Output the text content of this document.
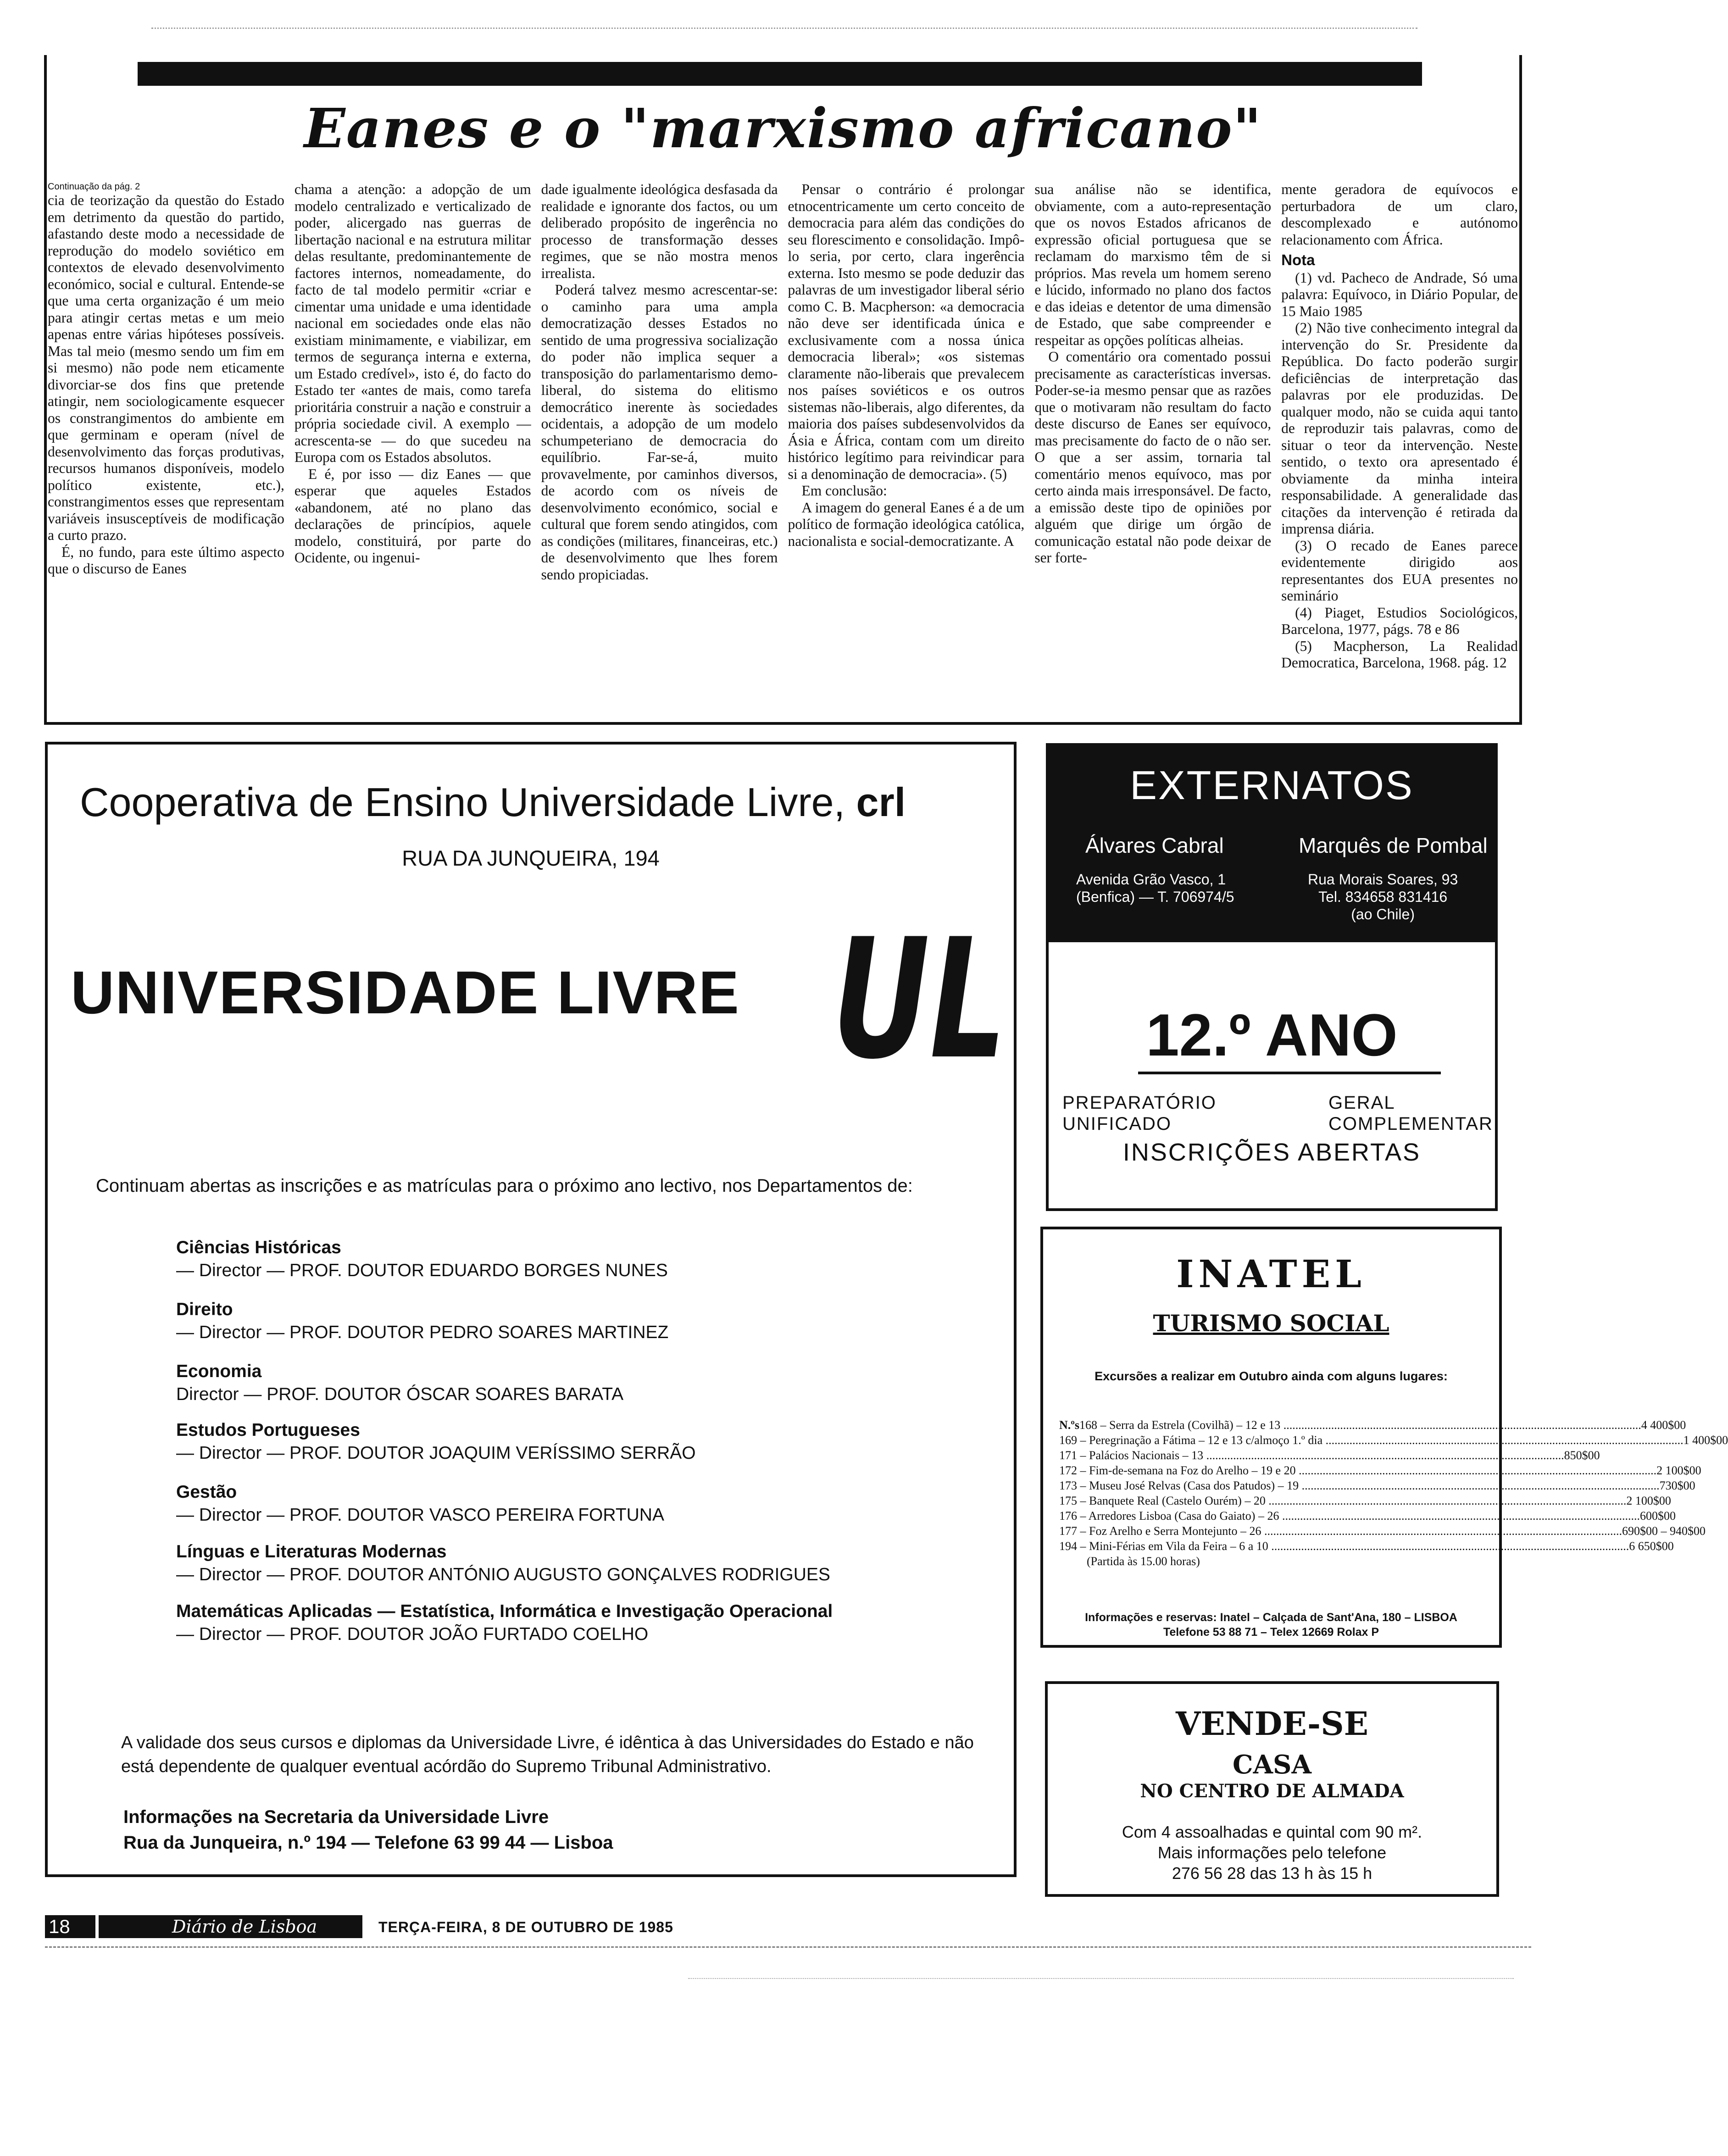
Eanes e o "marxismo africano"
Continuação da pág. 2

cia de teorização da questão do Estado em detrimento da questão do partido, afastando deste modo a necessidade de reprodução do modelo soviético em contextos de elevado desenvolvimento económico, social e cultural. Entende-se que uma certa organização é um meio para atingir certas metas e um meio apenas entre várias hipóteses possíveis. Mas tal meio (mesmo sendo um fim em si mesmo) não pode nem eticamente divorciar-se dos fins que pretende atingir, nem sociologicamente esquecer os constrangimentos do ambiente em que germinam e operam (nível de desenvolvimento das forças produtivas, recursos humanos disponíveis, modelo político existente, etc.), constrangimentos esses que representam variáveis insusceptíveis de modificação a curto prazo.

É, no fundo, para este último aspecto que o discurso de Eanes

chama a atenção: a adopção de um modelo centralizado e verticalizado de poder, alicergado nas guerras de libertação nacional e na estrutura militar delas resultante, predominantemente de factores internos, nomeadamente, do facto de tal modelo permitir «criar e cimentar uma unidade e uma identidade nacional em sociedades onde elas não existiam minimamente, e viabilizar, em termos de segurança interna e externa, um Estado credível», isto é, do facto do Estado ter «antes de mais, como tarefa prioritária construir a nação e construir a própria sociedade civil. A exemplo — acrescenta-se — do que sucedeu na Europa com os Estados absolutos.

E é, por isso — diz Eanes — que esperar que aqueles Estados «abandonem, até no plano das declarações de princípios, aquele modelo, constituirá, por parte do Ocidente, ou ingenui-

dade igualmente ideológica desfasada da realidade e ignorante dos factos, ou um deliberado propósito de ingerência no processo de transformação desses regimes, que se não mostra menos irrealista.

Poderá talvez mesmo acrescentar-se: o caminho para uma ampla democratização desses Estados no sentido de uma progressiva socialização do poder não implica sequer a transposição do parlamentarismo demo-liberal, do sistema do elitismo democrático inerente às sociedades ocidentais, a adopção de um modelo schumpeteriano de democracia do equilíbrio. Far-se-á, muito provavelmente, por caminhos diversos, de acordo com os níveis de desenvolvimento económico, social e cultural que forem sendo atingidos, com as condições (militares, financeiras, etc.) de desenvolvimento que lhes forem sendo propiciadas.

Pensar o contrário é prolongar etnocentricamente um certo conceito de democracia para além das condições do seu florescimento e consolidação. Impô-lo seria, por certo, clara ingerência externa. Isto mesmo se pode deduzir das palavras de um investigador liberal sério como C. B. Macpherson: «a democracia não deve ser identificada única e exclusivamente com a nossa única democracia liberal»; «os sistemas claramente não-liberais que prevalecem nos países soviéticos e os outros sistemas não-liberais, algo diferentes, da maioria dos países subdesenvolvidos da Ásia e África, contam com um direito histórico legítimo para reivindicar para si a denominação de democracia». (5)

Em conclusão:

A imagem do general Eanes é a de um político de formação ideológica católica, nacionalista e social-democratizante. A

sua análise não se identifica, obviamente, com a auto-representação que os novos Estados africanos de expressão oficial portuguesa que se reclamam do marxismo têm de si próprios. Mas revela um homem sereno e lúcido, informado no plano dos factos e das ideias e detentor de uma dimensão de Estado, que sabe compreender e respeitar as opções políticas alheias.

O comentário ora comentado possui precisamente as características inversas. Poder-se-ia mesmo pensar que as razões que o motivaram não resultam do facto deste discurso de Eanes ser equívoco, mas precisamente do facto de o não ser. O que a ser assim, tornaria tal comentário menos equívoco, mas por certo ainda mais irresponsável. De facto, a emissão deste tipo de opiniões por alguém que dirige um órgão de comunicação estatal não pode deixar de ser forte-

mente geradora de equívocos e perturbadora de um claro, descomplexado e autónomo relacionamento com África.

Nota

(1) vd. Pacheco de Andrade, Só uma palavra: Equívoco, in Diário Popular, de 15 Maio 1985

(2) Não tive conhecimento integral da intervenção do Sr. Presidente da República. Do facto poderão surgir deficiências de interpretação das palavras por ele produzidas. De qualquer modo, não se cuida aqui tanto de reproduzir tais palavras, como de situar o teor da intervenção. Neste sentido, o texto ora apresentado é obviamente da minha inteira responsabilidade. A generalidade das citações da intervenção é retirada da imprensa diária.

(3) O recado de Eanes parece evidentemente dirigido aos representantes dos EUA presentes no seminário

(4) Piaget, Estudios Sociológicos, Barcelona, 1977, págs. 78 e 86

(5) Macpherson, La Realidad Democratica, Barcelona, 1968. pág. 12

Cooperativa de Ensino Universidade Livre, crl
RUA DA JUNQUEIRA, 194
UNIVERSIDADE LIVRE UL
Continuam abertas as inscrições e as matrículas para o próximo ano lectivo, nos Departamentos de:
Ciências Históricas
— Director — PROF. DOUTOR EDUARDO BORGES NUNES
Direito
— Director — PROF. DOUTOR PEDRO SOARES MARTINEZ
Economia
Director — PROF. DOUTOR ÓSCAR SOARES BARATA
Estudos Portugueses
— Director — PROF. DOUTOR JOAQUIM VERÍSSIMO SERRÃO
Gestão
— Director — PROF. DOUTOR VASCO PEREIRA FORTUNA
Línguas e Literaturas Modernas
— Director — PROF. DOUTOR ANTÓNIO AUGUSTO GONÇALVES RODRIGUES
Matemáticas Aplicadas — Estatística, Informática e Investigação Operacional
— Director — PROF. DOUTOR JOÃO FURTADO COELHO
A validade dos seus cursos e diplomas da Universidade Livre, é idêntica à das Universidades do Estado e não está dependente de qualquer eventual acórdão do Supremo Tribunal Administrativo.
Informações na Secretaria da Universidade Livre
Rua da Junqueira, n.º 194 — Telefone 63 99 44 — Lisboa
EXTERNATOS
Álvares Cabral	Marquês de Pombal
Avenida Grão Vasco, 1
(Benfica) — T. 706974/5
Rua Morais Soares, 93
Tel. 834658 831416
(ao Chile)
12.º ANO
PREPARATÓRIO
UNIFICADO
GERAL
COMPLEMENTAR
INSCRIÇÕES ABERTAS
INATEL
TURISMO SOCIAL
Excursões a realizar em Outubro ainda com alguns lugares:
N.ºs 168 – Serra da Estrela (Covilhã) – 12 e 13 .....	4 400$00
169 – Peregrinação a Fátima – 12 e 13 c/almoço 1.º dia .....	1 400$00
171 – Palácios Nacionais – 13 .....	850$00
172 – Fim-de-semana na Foz do Arelho – 19 e 20 .....	2 100$00
173 – Museu José Relvas (Casa dos Patudos) – 19 .....	730$00
175 – Banquete Real (Castelo Ourém) – 20 .....	2 100$00
176 – Arredores Lisboa (Casa do Gaiato) – 26 .....	600$00
177 – Foz Arelho e Serra Montejunto – 26 .....	690$00 – 940$00
194 – Mini-Férias em Vila da Feira – 6 a 10 .....	6 650$00
(Partida às 15.00 horas)
Informações e reservas: Inatel – Calçada de Sant'Ana, 180 – LISBOA
Telefone 53 88 71 – Telex 12669 Rolax P
VENDE-SE
CASA
NO CENTRO DE ALMADA
Com 4 assoalhadas e quintal com 90 m².
Mais informações pelo telefone
276 56 28 das 13 h às 15 h
18	Diário de Lisboa	TERÇA-FEIRA, 8 DE OUTUBRO DE 1985
